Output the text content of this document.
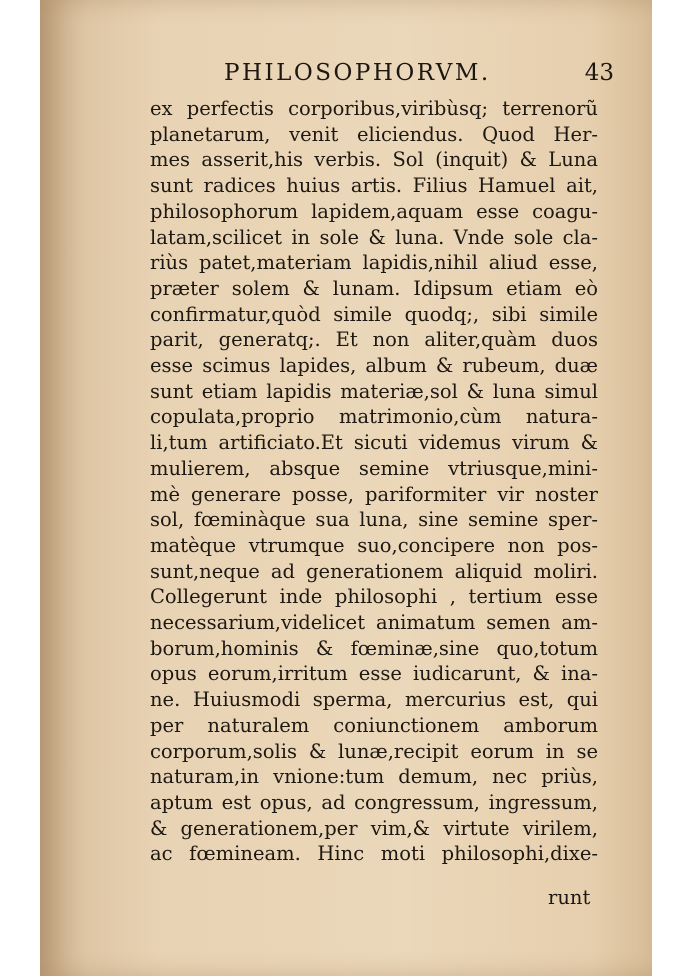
PHILOSOPHORVM.	43
ex perfectis corporibus,viribùsq; terrenorũ
planetarum, venit eliciendus. Quod Her-
mes asserit,his verbis. Sol (inquit) & Luna
sunt radices huius artis. Filius Hamuel ait,
philosophorum lapidem,aquam esse coagu-
latam,scilicet in sole & luna. Vnde sole cla-
riùs patet,materiam lapidis,nihil aliud esse,
præter solem & lunam. Idipsum etiam eò
confirmatur,quòd simile quodq;, sibi simile
parit, generatq;. Et non aliter,quàm duos
esse scimus lapides, album & rubeum, duæ
sunt etiam lapidis materiæ,sol & luna simul
copulata,proprio matrimonio,cùm natura-
li,tum artificiato.Et sicuti videmus virum &
mulierem, absque semine vtriusque,mini-
mè generare posse, pariformiter vir noster
sol, fœminàque sua luna, sine semine sper-
matèque vtrumque suo,concipere non pos-
sunt,neque ad generationem aliquid moliri.
Collegerunt inde philosophi , tertium esse
necessarium,videlicet animatum semen am-
borum,hominis & fœminæ,sine quo,totum
opus eorum,irritum esse iudicarunt, & ina-
ne. Huiusmodi sperma, mercurius est, qui
per naturalem coniunctionem amborum
corporum,solis & lunæ,recipit eorum in se
naturam,in vnione:tum demum, nec priùs,
aptum est opus, ad congressum, ingressum,
& generationem,per vim,& virtute virilem,
ac fœmineam. Hinc moti philosophi,dixe-
runt
